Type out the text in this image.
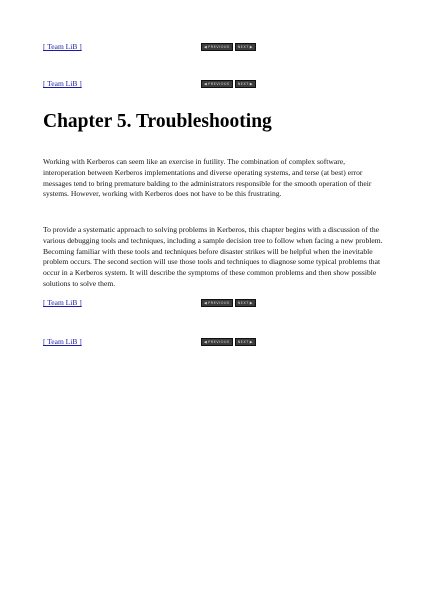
[ Team LiB ]	◀PREVIOUS	NEXT▶
[ Team LiB ]	◀PREVIOUS	NEXT▶
Chapter 5. Troubleshooting

Working with Kerberos can seem like an exercise in futility. The combination of complex software, interoperation between Kerberos implementations and diverse operating systems, and terse (at best) error messages tend to bring premature balding to the administrators responsible for the smooth operation of their systems. However, working with Kerberos does not have to be this frustrating.

To provide a systematic approach to solving problems in Kerberos, this chapter begins with a discussion of the various debugging tools and techniques, including a sample decision tree to follow when facing a new problem. Becoming familiar with these tools and techniques before disaster strikes will be helpful when the inevitable problem occurs. The second section will use those tools and techniques to diagnose some typical problems that occur in a Kerberos system. It will describe the symptoms of these common problems and then show possible solutions to solve them.

[ Team LiB ]	◀PREVIOUS	NEXT▶
[ Team LiB ]	◀PREVIOUS	NEXT▶
